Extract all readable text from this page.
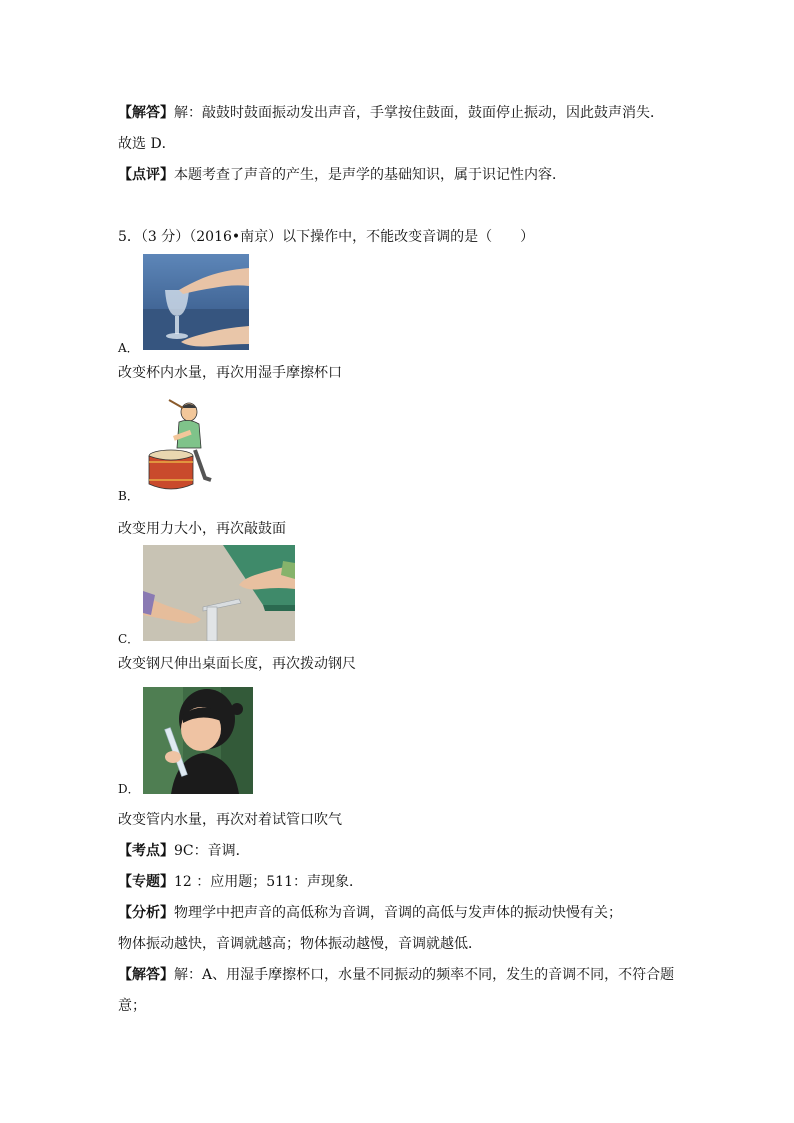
【解答】解：敲鼓时鼓面振动发出声音，手掌按住鼓面，鼓面停止振动，因此鼓声消失．
故选 D．
【点评】本题考查了声音的产生，是声学的基础知识，属于识记性内容．
5．（3 分）（2016•南京）以下操作中，不能改变音调的是（　　）
A．
改变杯内水量，再次用湿手摩擦杯口
B．
改变用力大小，再次敲鼓面
C．
改变钢尺伸出桌面长度，再次拨动钢尺
D．
改变管内水量，再次对着试管口吹气
【考点】9C：音调．
【专题】12 ：应用题；511：声现象．
【分析】物理学中把声音的高低称为音调，音调的高低与发声体的振动快慢有关；
物体振动越快，音调就越高；物体振动越慢，音调就越低．
【解答】解：A、用湿手摩擦杯口，水量不同振动的频率不同，发生的音调不同，不符合题
意；
